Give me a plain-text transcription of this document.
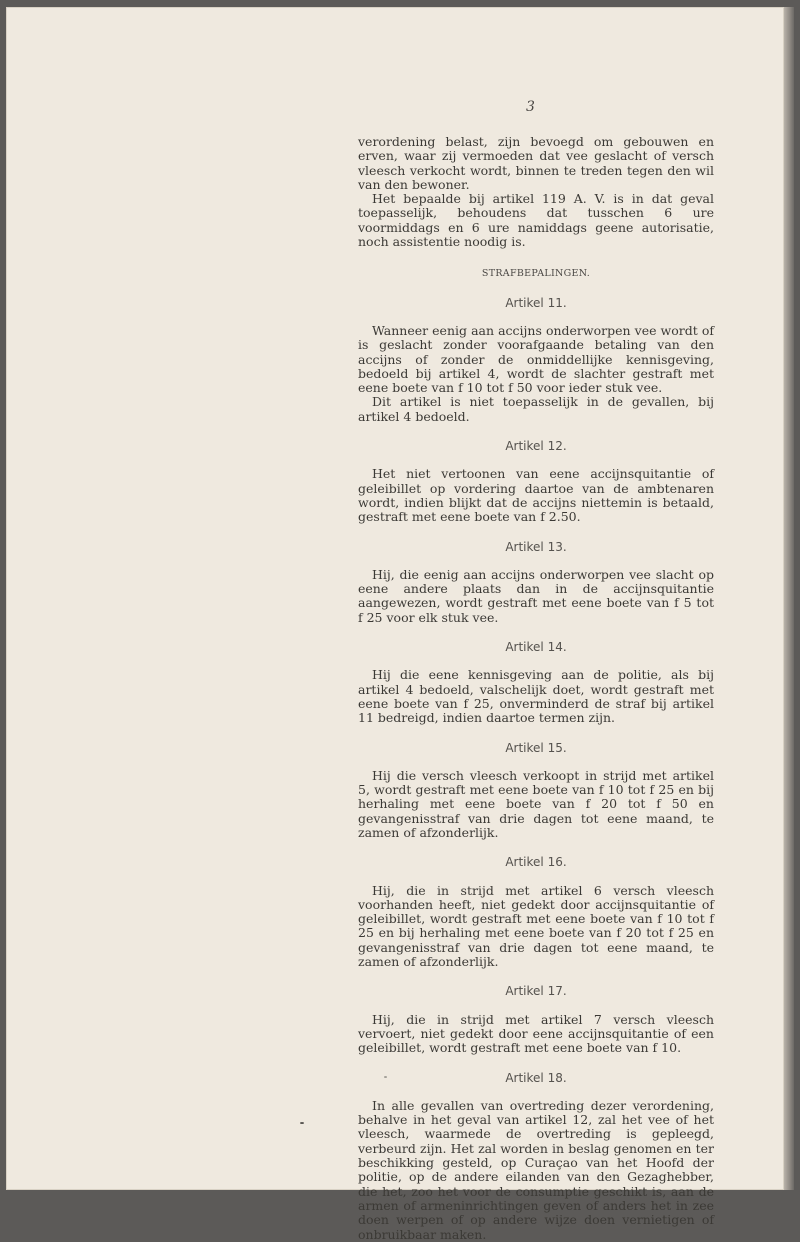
3

verordening belast, zijn bevoegd om gebouwen en erven, waar zij vermoeden dat vee geslacht of versch vleesch verkocht wordt, binnen te treden tegen den wil van den bewoner.

Het bepaalde bij artikel 119 A. V. is in dat geval toepasselijk, behoudens dat tusschen 6 ure voormiddags en 6 ure namiddags geene autorisatie, noch assistentie noodig is.

STRAFBEPALINGEN.
Artikel 11.

Wanneer eenig aan accijns onderworpen vee wordt of is geslacht zonder voorafgaande betaling van den accijns of zonder de onmiddellijke kennisgeving, bedoeld bij artikel 4, wordt de slachter gestraft met eene boete van f 10 tot f 50 voor ieder stuk vee.

Dit artikel is niet toepasselijk in de gevallen, bij artikel 4 bedoeld.

Artikel 12.

Het niet vertoonen van eene accijnsquitantie of geleibillet op vordering daartoe van de ambtenaren wordt, indien blijkt dat de accijns niettemin is betaald, gestraft met eene boete van f 2.50.

Artikel 13.

Hij, die eenig aan accijns onderworpen vee slacht op eene andere plaats dan in de accijnsquitantie aangewezen, wordt gestraft met eene boete van f 5 tot f 25 voor elk stuk vee.

Artikel 14.

Hij die eene kennisgeving aan de politie, als bij artikel 4 bedoeld, valschelijk doet, wordt gestraft met eene boete van f 25, onverminderd de straf bij artikel 11 bedreigd, indien daartoe termen zijn.

Artikel 15.

Hij die versch vleesch verkoopt in strijd met artikel 5, wordt gestraft met eene boete van f 10 tot f 25 en bij herhaling met eene boete van f 20 tot f 50 en gevangenisstraf van drie dagen tot eene maand, te zamen of afzonderlijk.

Artikel 16.

Hij, die in strijd met artikel 6 versch vleesch voorhanden heeft, niet gedekt door accijnsquitantie of geleibillet, wordt gestraft met eene boete van f 10 tot f 25 en bij herhaling met eene boete van f 20 tot f 25 en gevangenisstraf van drie dagen tot eene maand, te zamen of afzonderlijk.

Artikel 17.

Hij, die in strijd met artikel 7 versch vleesch vervoert, niet gedekt door eene accijnsquitantie of een geleibillet, wordt gestraft met eene boete van f 10.

Artikel 18.

In alle gevallen van overtreding dezer verordening, behalve in het geval van artikel 12, zal het vee of het vleesch, waarmede de overtreding is gepleegd, verbeurd zijn. Het zal worden in beslag genomen en ter beschikking gesteld, op Curaçao van het Hoofd der politie, op de andere eilanden van den Gezaghebber, die het, zoo het voor de consumptie geschikt is, aan de armen of armeninrichtingen geven of anders het in zee doen werpen of op andere wijze doen vernietigen of onbruikbaar maken.
